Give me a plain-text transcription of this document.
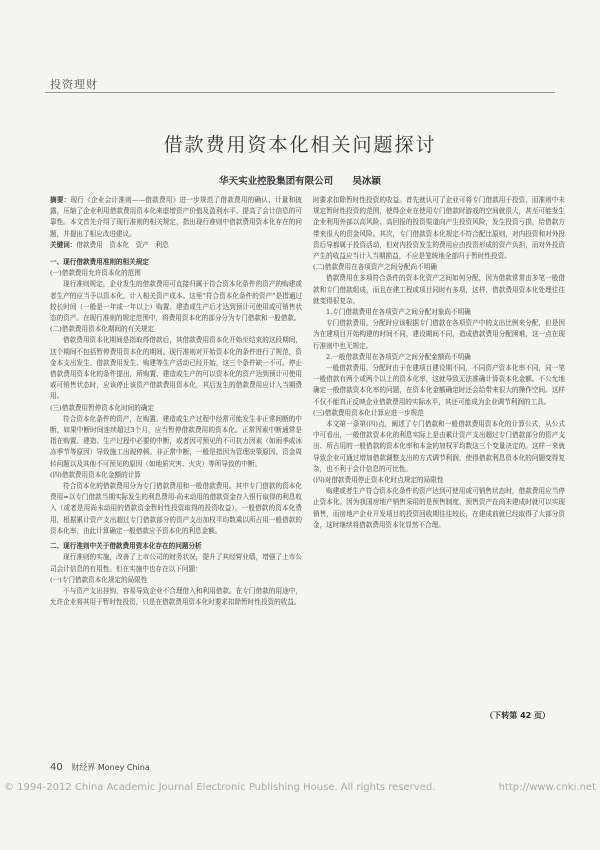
投资理财
借款费用资本化相关问题探讨
华天实业控股集团有限公司 吴冰颖

摘要：现行《企业会计准则——借款费用》进一步规范了借款费用的确认、计量和披露，压缩了企业利用借款费用资本化来虚增资产价值及盈利水平、提高了会计信息的可靠性。本文首先介绍了现行准则的相关规定，指出现行准则中借款费用资本化存在的问题，并提出了相应改进建议。

关键词：借款费用　资本化　资产　利息

一、现行借款费用准则的相关规定

(一)借款费用允许资本化的范围

现行准则规定，企业发生的借款费用可直接归属于符合资本化条件的资产的购建或者生产的应当予以资本化，计入相关资产成本。这里“符合资本化条件的资产”是指通过较长时间（一般是一年或一年以上）购置、建造或生产后才达到预计可使用或可销售状态的资产。在现行准则的规定范围中，将费用资本化的部分分为专门借款和一般借款。

(二)借款费用资本化期间的有关规定

借款费用资本化期间是指取得借款后，其借款费用资本化开始至结束的这段期间，这个期间不包括暂停费用资本化的期间。现行准则对开始资本化的条件进行了规范，资金本支出发生、借款费用发生、购建等生产活动已经开始，这三个条件缺一不可。停止借款费用资本化的条件提出，所购置、建造或生产的可以资本化的资产达到预计可使用或可销售状态时，应该停止该资产借款费用资本化，其后发生的借款费用应计入当期费用。

(三)借款费用暂停资本化时间的确定

符合资本化条件的资产，在购置、建造或生产过程中经常可能发生非正常间断的中断，如果中断时间连续超过3个月，应当暂停借款费用的资本化。正常因素中断通常是指在购置、建造、生产过程中必要的中断，或者因可预见的不可抗力因素（如雨季或冰冻季节等原因）导致施工出现停顿。非正常中断，一般是指因为管理决策原因、资金周转问题以及其他不可预见的原因（如地质灾害、火灾）等所导致的中断。

(四)借款费用资本化金额的计算

符合资本化的借款费用分为专门借款费用和一般借款费用。其中专门借款的资本化费用=以专门借款当期实际发生的利息费用-尚未动用的借款资金存入银行取得的利息收入（或者是用尚未动用的借款资金暂时性投资取得的投资收益），一般借款的资本化费用，根据累计资产支出超过专门借款部分的资产支出加权平均数乘以所占用一般借款的资本化率，由此计算确定一般借款应予资本化的利息金额。

二、现行准则中关于借款费用资本化存在的问题分析

现行准则的实施，改善了上市公司的财务状况，提升了其经营业绩，增强了上市公司会计信息的有用性。但在实施中也存在以下问题：

(一)专门借款资本化规定的局限性

不与资产支出挂钩，容易导致企业不合理借入和利用借款。在专门借款的用途中，允许企业将其用于暂时性投资，只是在借款费用资本化时要求扣除暂时性投资的收益。

时要求扣除暂时性投资的收益。首先就认可了企业可将专门借款用于投资，而准则中未规定暂时性投资的范围，使得企业在使用专门借款时游戏的空间就很大，甚至可能发生企业利用外部以高风险、高回报的投资渠道向产生投资风险，发生投资亏损，给借款方带来很大的资金风险。其次，专门借款资本化规定不符合配比原则，对内投资和对外投资后导都属于投资活动，但对内投资发生的费用应由投资形成的资产负担，而对外投资产生的收益应当计入当期损益，不应是笼统地全部归于暂时性投资。

(二)借款费用在各项资产之间分配尚不明确

借款费用在多项符合条件的资本化资产之间如何分配，因为借款常常由多笔一般借款和专门借款组成，而且在建工程或项目同时有多项，这样，借款费用资本化处理往往就变得很复杂。

1.专门借款费用在各项资产之间分配对象尚不明确

专门借款费用，分配时应该根据专门借款在各项资产中的支出比例来分配，但是因为在建项目开始构建的时间不同，建设期间不同，造成借款费用分配困难，这一点在现行准则中也无规定。

2.一般借款费用在各项资产之间分配金额尚不明确

一般借款费用，分配时由于在建项目建设期不同，不同资产资本化率不同，同一笔一般借款有两个或两个以上的资本化率，这就导致无法准确计算资本化金额。不公允地确定一般借款资本化率的问题，在资本化金额确定时还会给带来很大的操作空间。这样不仅不能真正反映企业借款费用的实际水平，其还可能成为企业调节利润的工具。

(三)借款费用资本化计算应进一步规范

本文第一条第(四)点，阐述了专门借款和一般借款费用资本化的计算公式，从公式中可看出，一般借款资本化的利息实际上是由累计资产支出超过专门借款部分的资产支出、所占用的一般借款的资本化率和本金的加权平均数这三个变量决定的。这样一来就导致企业可通过增加借款调整支出的方式调节利润，使得借款利息资本化的问题变得复杂，也不利于会计信息的可比性。

(四)对借款费用停止资本化时点规定的局限性

购建或者生产符合资本化条件的资产达到可使用或可销售状态时，借款费用应当停止资本化。因为我国房地产销售采用的是预售制度，预售资产在尚未建成时就可以实现销售，而房地产企业开发项目的投资回收期往往较长，在建成前就已经取得了大部分资金，这时继续将借款费用资本化显然不合理。

（下转第 42 页）
40 财经界 Money China
© 1994-2012 China Academic Journal Electronic Publishing House. All rights reserved.	http://www.cnki.net
